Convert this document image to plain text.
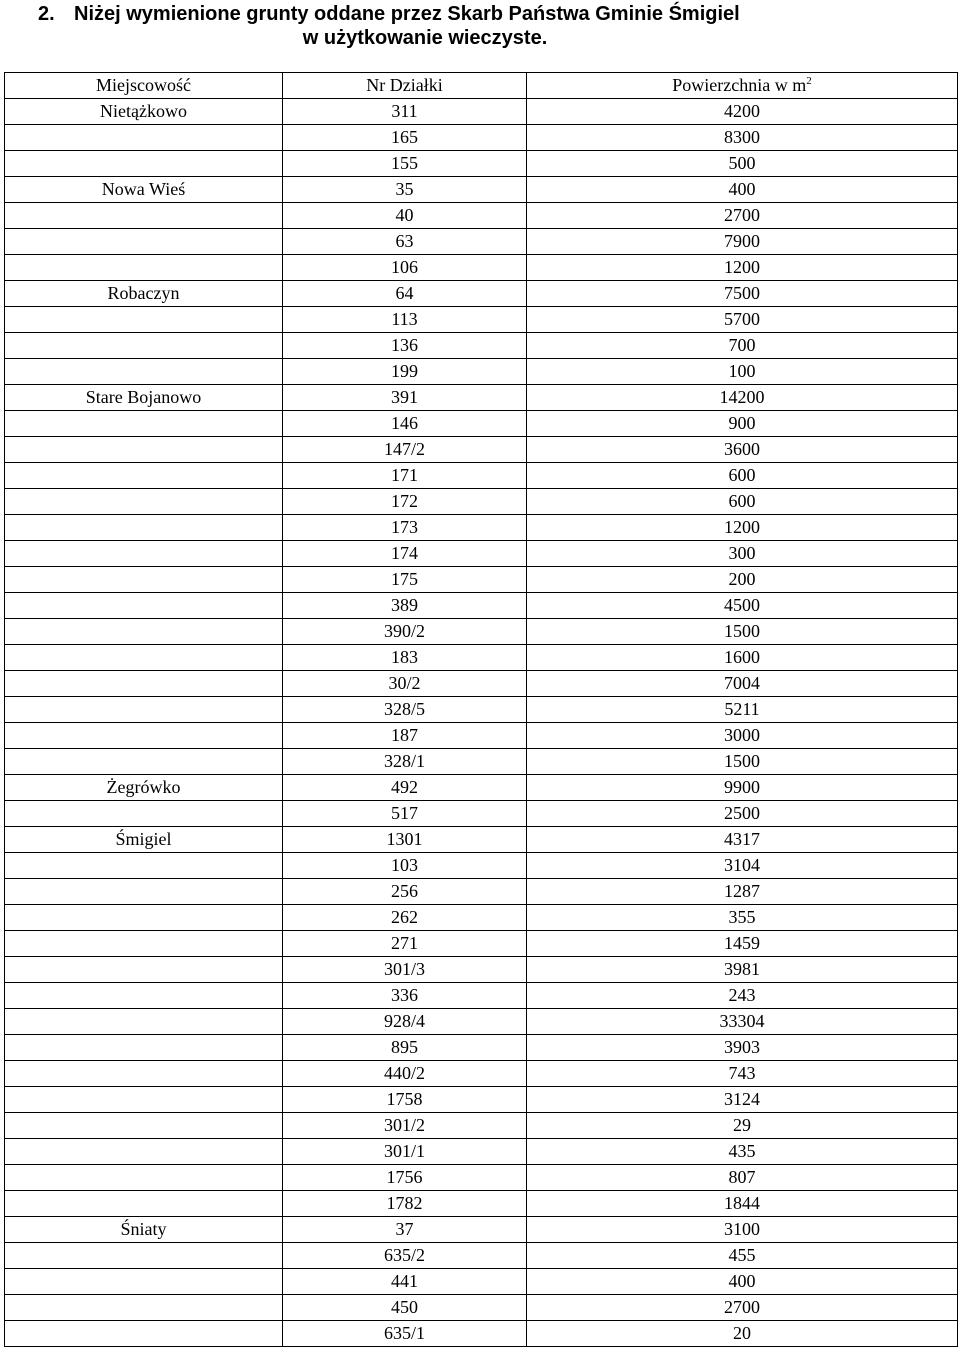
2. Niżej wymienione grunty oddane przez Skarb Państwa Gminie Śmigiel
w użytkowanie wieczyste.
Miejscowość	Nr Działki	Powierzchnia w $m^2$
Nietążkowo	311	4200
	165	8300
	155	500
Nowa Wieś	35	400
	40	2700
	63	7900
	106	1200
Robaczyn	64	7500
	113	5700
	136	700
	199	100
Stare Bojanowo	391	14200
	146	900
	147/2	3600
	171	600
	172	600
	173	1200
	174	300
	175	200
	389	4500
	390/2	1500
	183	1600
	30/2	7004
	328/5	5211
	187	3000
	328/1	1500
Żegrówko	492	9900
	517	2500
Śmigiel	1301	4317
	103	3104
	256	1287
	262	355
	271	1459
	301/3	3981
	336	243
	928/4	33304
	895	3903
	440/2	743
	1758	3124
	301/2	29
	301/1	435
	1756	807
	1782	1844
Śniaty	37	3100
	635/2	455
	441	400
	450	2700
	635/1	20
